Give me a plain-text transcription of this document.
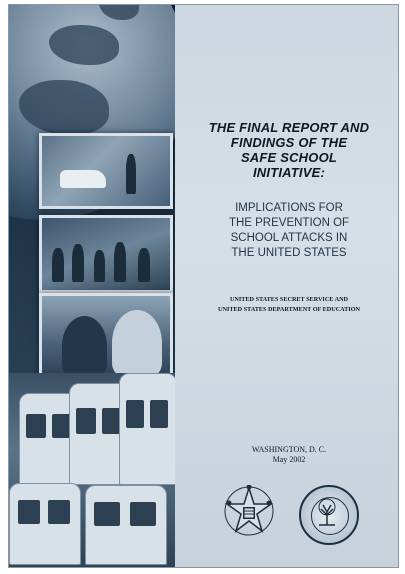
THE FINAL REPORT AND
FINDINGS OF THE
SAFE SCHOOL
INITIATIVE:
IMPLICATIONS FOR
THE PREVENTION OF
SCHOOL ATTACKS IN
THE UNITED STATES
UNITED STATES SECRET SERVICE AND
UNITED STATES DEPARTMENT OF EDUCATION
WASHINGTON, D. C.
May 2002
